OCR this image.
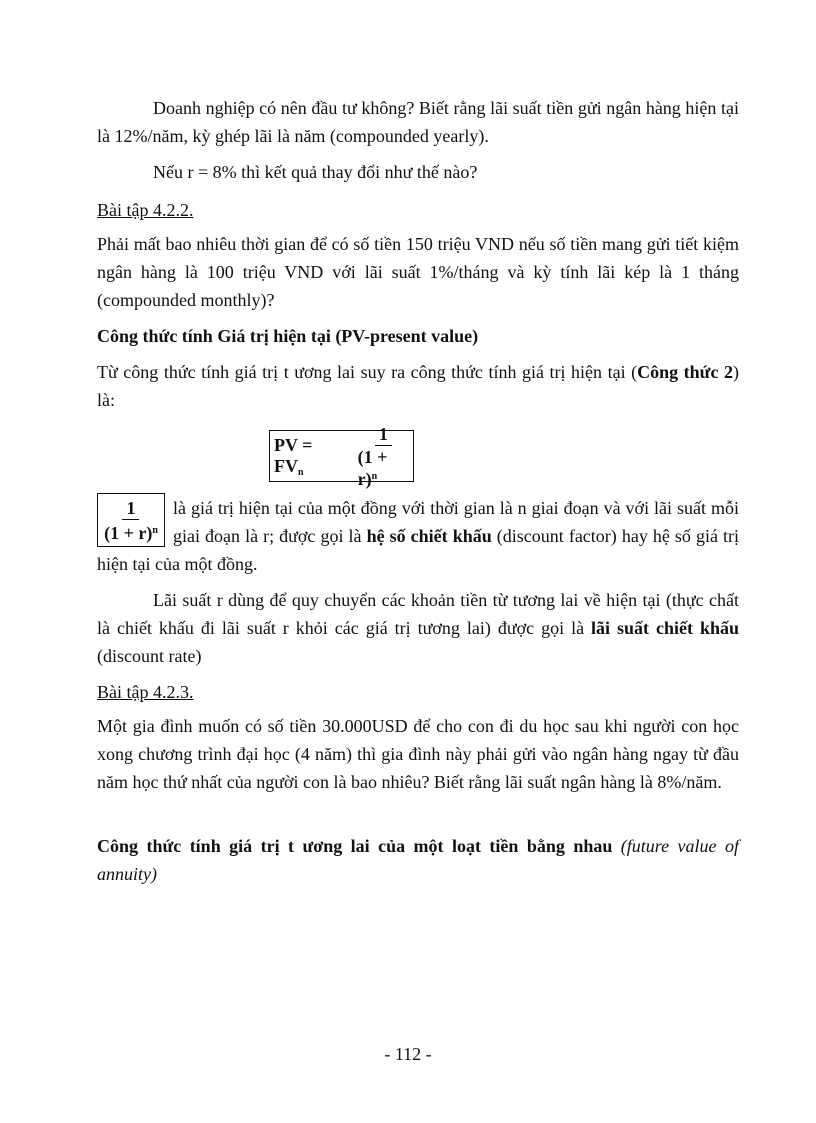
Doanh nghiệp có nên đầu tư không? Biết rằng lãi suất tiền gửi ngân hàng hiện tại là 12%/năm, kỳ ghép lãi là năm (compounded yearly).

Nếu r = 8% thì kết quả thay đổi như thế nào?

Bài tập 4.2.2.

Phải mất bao nhiêu thời gian để có số tiền 150 triệu VND nếu số tiền mang gửi tiết kiệm ngân hàng là 100 triệu VND với lãi suất 1%/tháng và kỳ tính lãi kép là 1 tháng (compounded monthly)?

Công thức tính Giá trị hiện tại (PV-present value)

Từ công thức tính giá trị t ương lai suy ra công thức tính giá trị hiện tại (Công thức 2) là:

PV = $FV_n$	$\frac{1}{(1 + r)^n}$
$\frac{1}{(1 + r)^n}$ là giá trị hiện tại của một đồng với thời gian là n giai đoạn và với lãi suất mỗi giai đoạn là r; được gọi là hệ số chiết khấu (discount factor) hay hệ số giá trị hiện tại của một đồng.

Lãi suất r dùng để quy chuyển các khoản tiền từ tương lai về hiện tại (thực chất là chiết khấu đi lãi suất r khỏi các giá trị tương lai) được gọi là lãi suất chiết khấu (discount rate)

Bài tập 4.2.3.

Một gia đình muốn có số tiền 30.000USD để cho con đi du học sau khi người con học xong chương trình đại học (4 năm) thì gia đình này phải gửi vào ngân hàng ngay từ đầu năm học thứ nhất của người con là bao nhiêu? Biết rằng lãi suất ngân hàng là 8%/năm.

Công thức tính giá trị t ương lai của một loạt tiền bằng nhau (future value of annuity)

- 112 -
